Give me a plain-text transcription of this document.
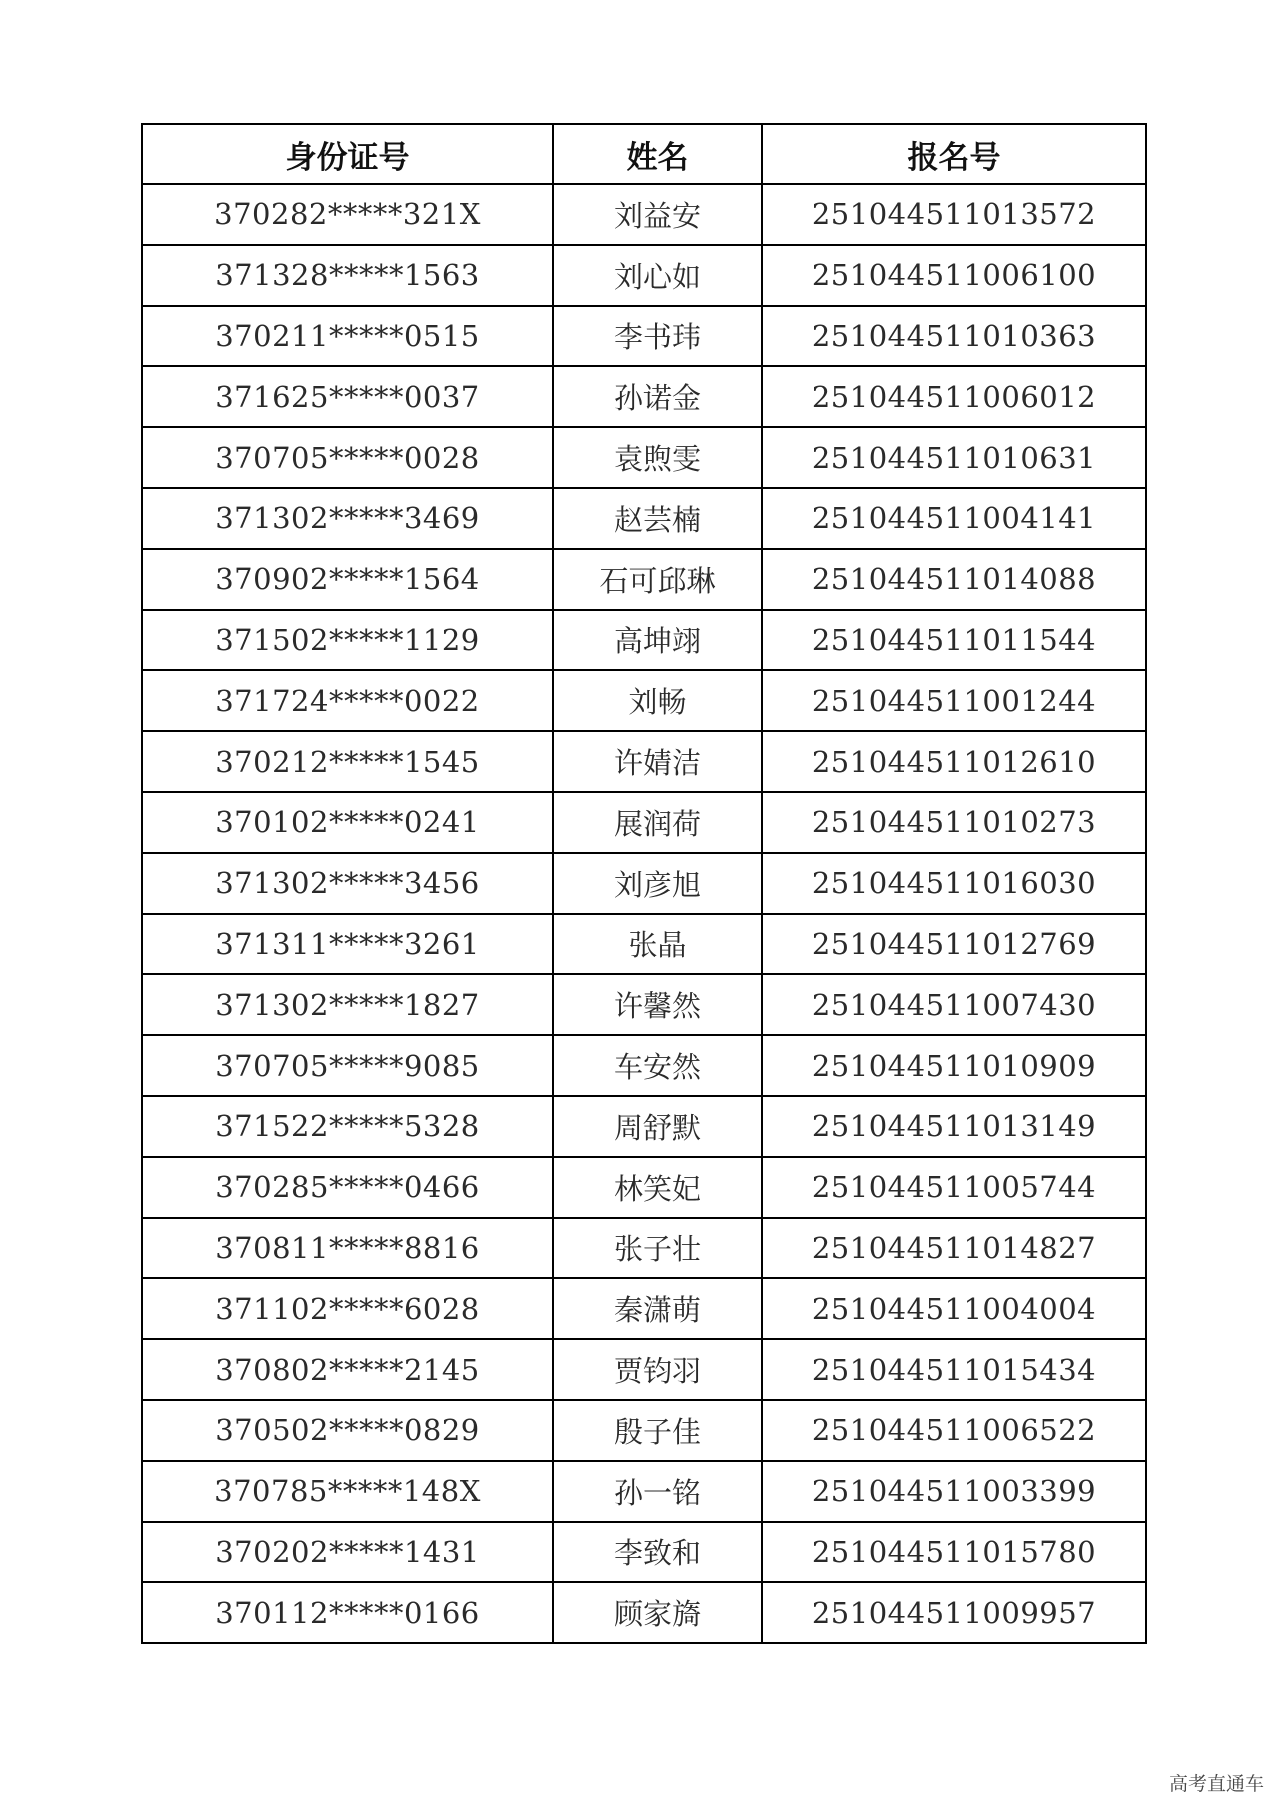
身份证号	姓名	报名号
370282*****321X	刘益安	251044511013572
371328*****1563	刘心如	251044511006100
370211*****0515	李书玮	251044511010363
371625*****0037	孙诺金	251044511006012
370705*****0028	袁煦雯	251044511010631
371302*****3469	赵芸楠	251044511004141
370902*****1564	石可邱琳	251044511014088
371502*****1129	高坤翊	251044511011544
371724*****0022	刘畅	251044511001244
370212*****1545	许婧洁	251044511012610
370102*****0241	展润荷	251044511010273
371302*****3456	刘彦旭	251044511016030
371311*****3261	张晶	251044511012769
371302*****1827	许馨然	251044511007430
370705*****9085	车安然	251044511010909
371522*****5328	周舒默	251044511013149
370285*****0466	林笑妃	251044511005744
370811*****8816	张子壮	251044511014827
371102*****6028	秦潇萌	251044511004004
370802*****2145	贾钧羽	251044511015434
370502*****0829	殷子佳	251044511006522
370785*****148X	孙一铭	251044511003399
370202*****1431	李致和	251044511015780
370112*****0166	顾家旖	251044511009957
高考直通车
